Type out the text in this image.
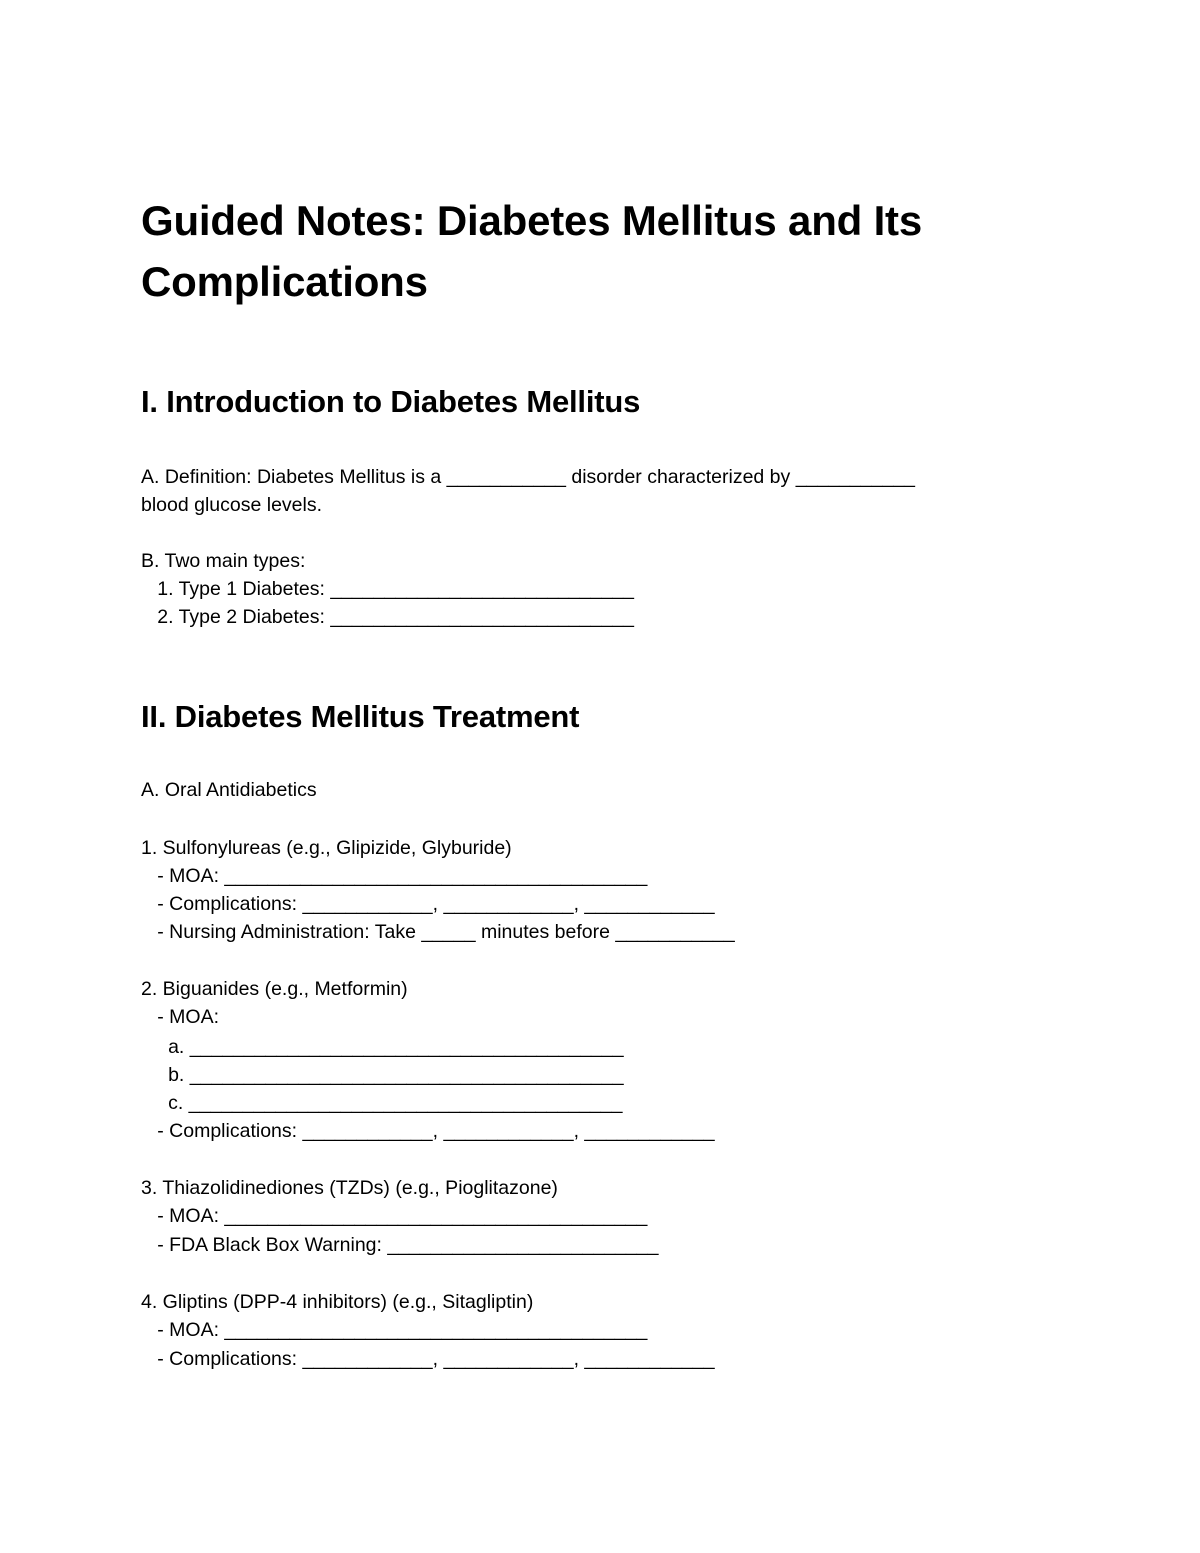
Guided Notes: Diabetes Mellitus and Its
Complications
I. Introduction to Diabetes Mellitus
A. Definition: Diabetes Mellitus is a ___________ disorder characterized by ___________
blood glucose levels.
B. Two main types:
1. Type 1 Diabetes: ____________________________
2. Type 2 Diabetes: ____________________________
II. Diabetes Mellitus Treatment
A. Oral Antidiabetics
1. Sulfonylureas (e.g., Glipizide, Glyburide)
- MOA: _______________________________________
- Complications: ____________, ____________, ____________
- Nursing Administration: Take _____ minutes before ___________
2. Biguanides (e.g., Metformin)
- MOA:
a. ________________________________________
b. ________________________________________
c. ________________________________________
- Complications: ____________, ____________, ____________
3. Thiazolidinediones (TZDs) (e.g., Pioglitazone)
- MOA: _______________________________________
- FDA Black Box Warning: _________________________
4. Gliptins (DPP-4 inhibitors) (e.g., Sitagliptin)
- MOA: _______________________________________
- Complications: ____________, ____________, ____________
